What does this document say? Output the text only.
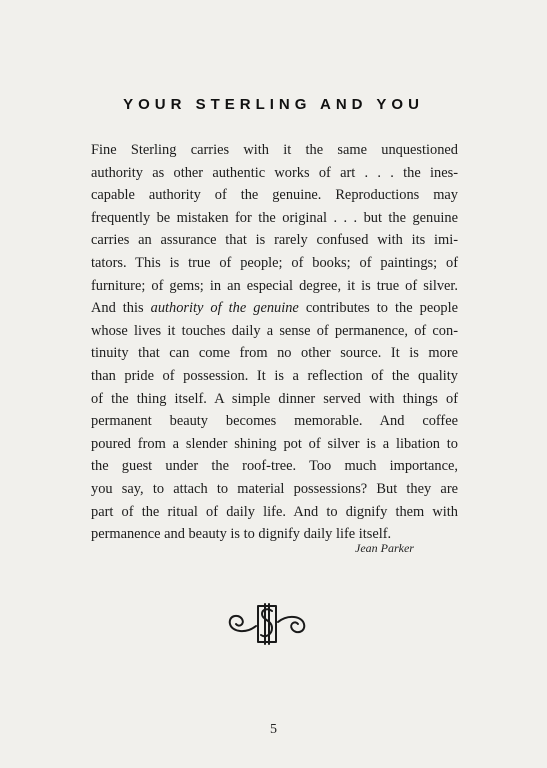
YOUR STERLING AND YOU
Fine Sterling carries with it the same unquestioned
authority as other authentic works of art . . . the ines-
capable authority of the genuine. Reproductions may
frequently be mistaken for the original . . . but the genuine
carries an assurance that is rarely confused with its imi-
tators. This is true of people; of books; of paintings; of
furniture; of gems; in an especial degree, it is true of silver.
And this authority of the genuine contributes to the people
whose lives it touches daily a sense of permanence, of con-
tinuity that can come from no other source. It is more
than pride of possession. It is a reflection of the quality
of the thing itself. A simple dinner served with things of
permanent beauty becomes memorable. And coffee
poured from a slender shining pot of silver is a libation to
the guest under the roof-tree. Too much importance,
you say, to attach to material possessions? But they are
part of the ritual of daily life. And to dignify them with
permanence and beauty is to dignify daily life itself.
Jean Parker
5
